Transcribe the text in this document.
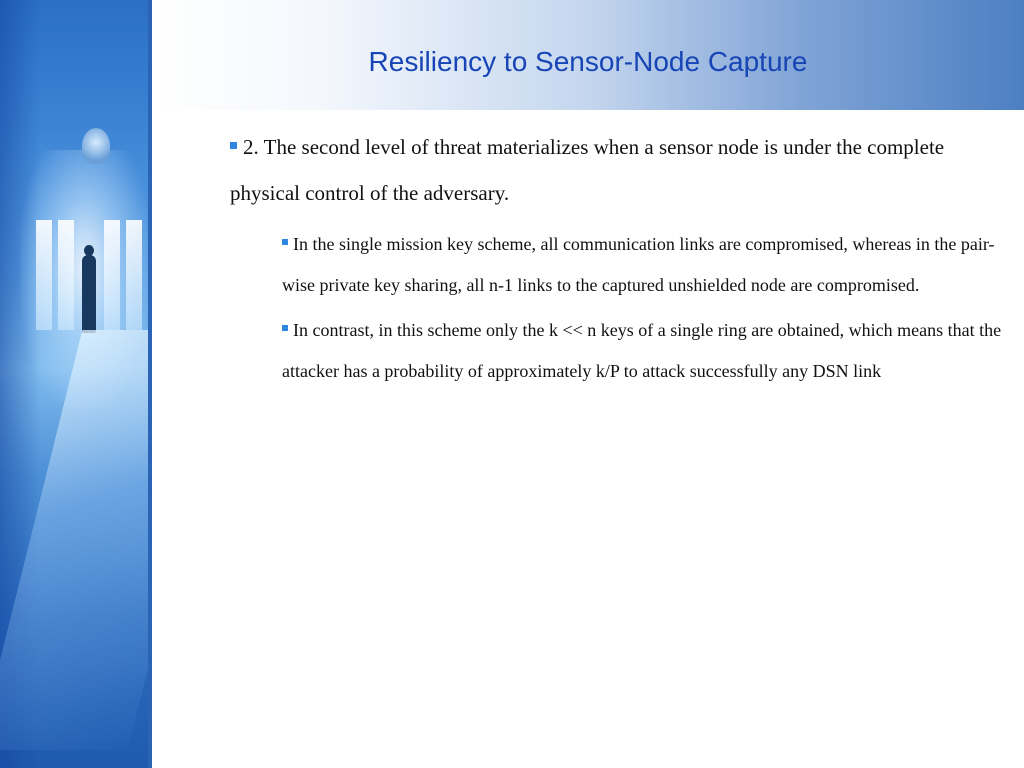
Resiliency to Sensor-Node Capture
2. The second level of threat materializes when a sensor node is under the complete physical control of the adversary.
In the single mission key scheme, all communication links are compromised, whereas in the pair-wise private key sharing, all n-1 links to the captured unshielded node are compromised.
In contrast, in this scheme only the k << n keys of a single ring are obtained, which means that the attacker has a probability of approximately k/P to attack successfully any DSN link
